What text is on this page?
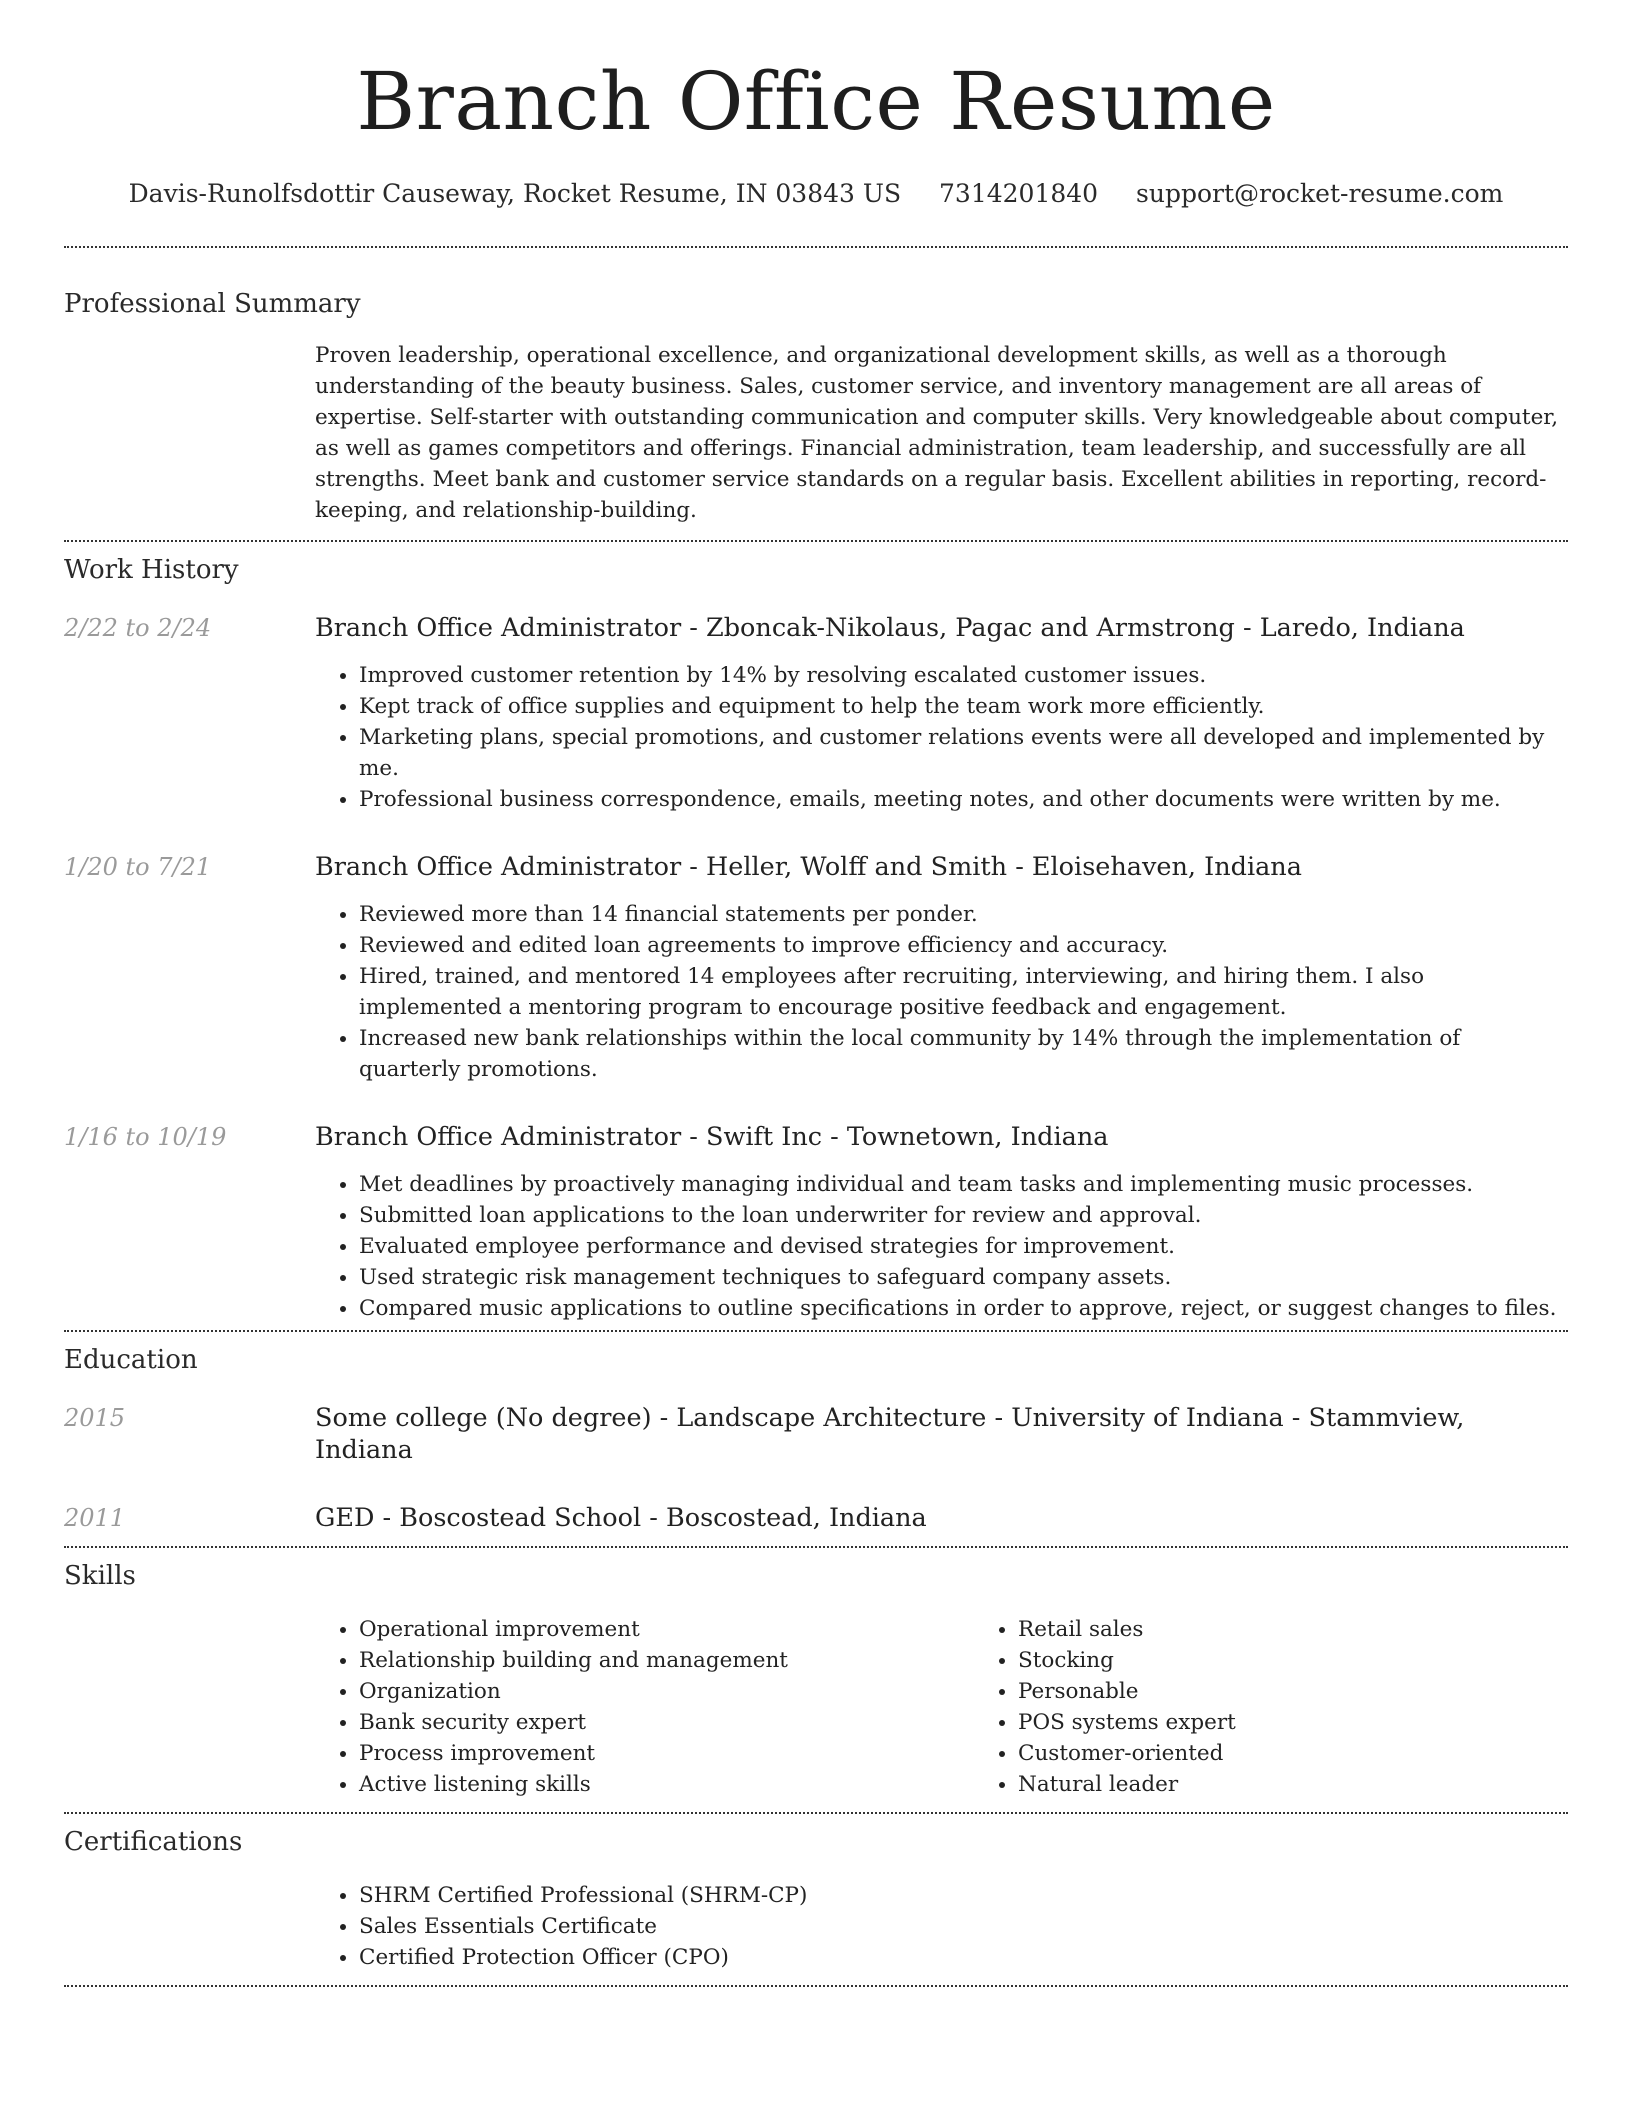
Branch Office Resume
Davis-Runolfsdottir Causeway, Rocket Resume, IN 03843 US 7314201840 support@rocket-resume.com
Professional Summary

Proven leadership, operational excellence, and organizational development skills, as well as a thorough understanding of the beauty business. Sales, customer service, and inventory management are all areas of expertise. Self-starter with outstanding communication and computer skills. Very knowledgeable about computer, as well as games competitors and offerings. Financial administration, team leadership, and successfully are all strengths. Meet bank and customer service standards on a regular basis. Excellent abilities in reporting, record-keeping, and relationship-building.

Work History
2/22 to 2/24	Branch Office Administrator - Zboncak-Nikolaus, Pagac and Armstrong - Laredo, Indiana
• Improved customer retention by 14% by resolving escalated customer issues.
• Kept track of office supplies and equipment to help the team work more efficiently.
• Marketing plans, special promotions, and customer relations events were all developed and implemented by me.
• Professional business correspondence, emails, meeting notes, and other documents were written by me.
1/20 to 7/21	Branch Office Administrator - Heller, Wolff and Smith - Eloisehaven, Indiana
• Reviewed more than 14 financial statements per ponder.
• Reviewed and edited loan agreements to improve efficiency and accuracy.
• Hired, trained, and mentored 14 employees after recruiting, interviewing, and hiring them. I also implemented a mentoring program to encourage positive feedback and engagement.
• Increased new bank relationships within the local community by 14% through the implementation of quarterly promotions.
1/16 to 10/19	Branch Office Administrator - Swift Inc - Townetown, Indiana
• Met deadlines by proactively managing individual and team tasks and implementing music processes.
• Submitted loan applications to the loan underwriter for review and approval.
• Evaluated employee performance and devised strategies for improvement.
• Used strategic risk management techniques to safeguard company assets.
• Compared music applications to outline specifications in order to approve, reject, or suggest changes to files.
Education
2015	Some college (No degree) - Landscape Architecture - University of Indiana - Stammview, Indiana
2011	GED - Boscostead School - Boscostead, Indiana
Skills
• Operational improvement
• Relationship building and management
• Organization
• Bank security expert
• Process improvement
• Active listening skills
• Retail sales
• Stocking
• Personable
• POS systems expert
• Customer-oriented
• Natural leader
Certifications
• SHRM Certified Professional (SHRM-CP)
• Sales Essentials Certificate
• Certified Protection Officer (CPO)
